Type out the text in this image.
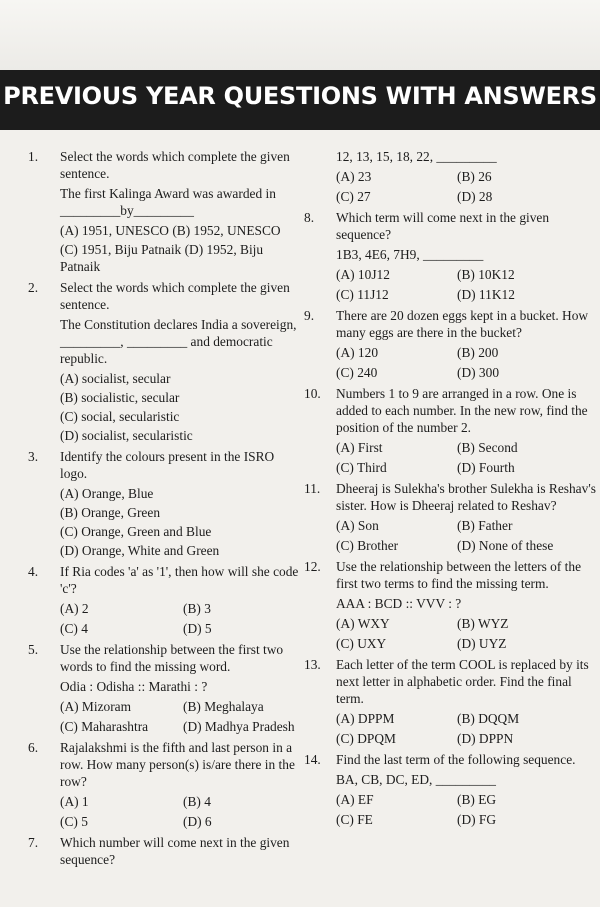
PREVIOUS YEAR QUESTIONS WITH ANSWERS
1.	Select the words which complete the given sentence.
The first Kalinga Award was awarded in _________by_________
(A) 1951, UNESCO (B) 1952, UNESCO
(C) 1951, Biju Patnaik (D) 1952, Biju Patnaik
2.	Select the words which complete the given sentence.
The Constitution declares India a sovereign, _________, _________ and democratic republic.
(A) socialist, secular
(B) socialistic, secular
(C) social, secularistic
(D) socialist, secularistic
3.	Identify the colours present in the ISRO logo.
(A) Orange, Blue
(B) Orange, Green
(C) Orange, Green and Blue
(D) Orange, White and Green
4.	If Ria codes 'a' as '1', then how will she code 'c'?
(A) 2	(B) 3
(C) 4	(D) 5
5.	Use the relationship between the first two words to find the missing word.
Odia : Odisha :: Marathi : ?
(A) Mizoram	(B) Meghalaya
(C) Maharashtra	(D) Madhya Pradesh
6.	Rajalakshmi is the fifth and last person in a row. How many person(s) is/are there in the row?
(A) 1	(B) 4
(C) 5	(D) 6
7.	Which number will come next in the given sequence?
12, 13, 15, 18, 22, _________
(A) 23	(B) 26
(C) 27	(D) 28
8.	Which term will come next in the given sequence?
1B3, 4E6, 7H9, _________
(A) 10J12	(B) 10K12
(C) 11J12	(D) 11K12
9.	There are 20 dozen eggs kept in a bucket. How many eggs are there in the bucket?
(A) 120	(B) 200
(C) 240	(D) 300
10.	Numbers 1 to 9 are arranged in a row. One is added to each number. In the new row, find the position of the number 2.
(A) First	(B) Second
(C) Third	(D) Fourth
11.	Dheeraj is Sulekha's brother Sulekha is Reshav's sister. How is Dheeraj related to Reshav?
(A) Son	(B) Father
(C) Brother	(D) None of these
12.	Use the relationship between the letters of the first two terms to find the missing term.
AAA : BCD :: VVV : ?
(A) WXY	(B) WYZ
(C) UXY	(D) UYZ
13.	Each letter of the term COOL is replaced by its next letter in alphabetic order. Find the final term.
(A) DPPM	(B) DQQM
(C) DPQM	(D) DPPN
14.	Find the last term of the following sequence.
BA, CB, DC, ED, _________
(A) EF	(B) EG
(C) FE	(D) FG
